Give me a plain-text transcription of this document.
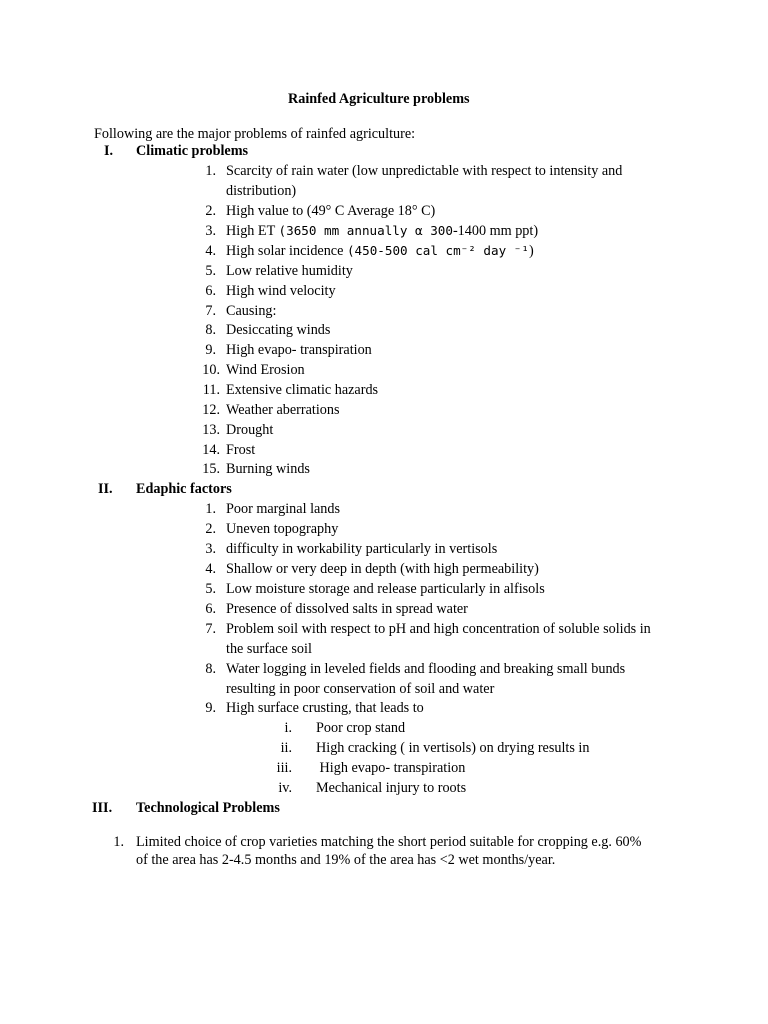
Rainfed Agriculture problems
Following are the major problems of rainfed agriculture:
I. Climatic problems
1. Scarcity of rain water (low unpredictable with respect to intensity and
distribution)
2. High value to (49° C Average 18° C)
3. High ET (3650 mm annually α 300-1400 mm ppt)
4. High solar incidence (450-500 cal cm⁻² day ⁻¹)
5. Low relative humidity
6. High wind velocity
7. Causing:
8. Desiccating winds
9. High evapo- transpiration
10. Wind Erosion
11. Extensive climatic hazards
12. Weather aberrations
13. Drought
14. Frost
15. Burning winds
II. Edaphic factors
1. Poor marginal lands
2. Uneven topography
3. difficulty in workability particularly in vertisols
4. Shallow or very deep in depth (with high permeability)
5. Low moisture storage and release particularly in alfisols
6. Presence of dissolved salts in spread water
7. Problem soil with respect to pH and high concentration of soluble solids in
the surface soil
8. Water logging in leveled fields and flooding and breaking small bunds
resulting in poor conservation of soil and water
9. High surface crusting, that leads to
i. Poor crop stand
ii. High cracking ( in vertisols) on drying results in
iii. High evapo- transpiration
iv. Mechanical injury to roots
III. Technological Problems
1. Limited choice of crop varieties matching the short period suitable for cropping e.g. 60%
of the area has 2-4.5 months and 19% of the area has <2 wet months/year.
